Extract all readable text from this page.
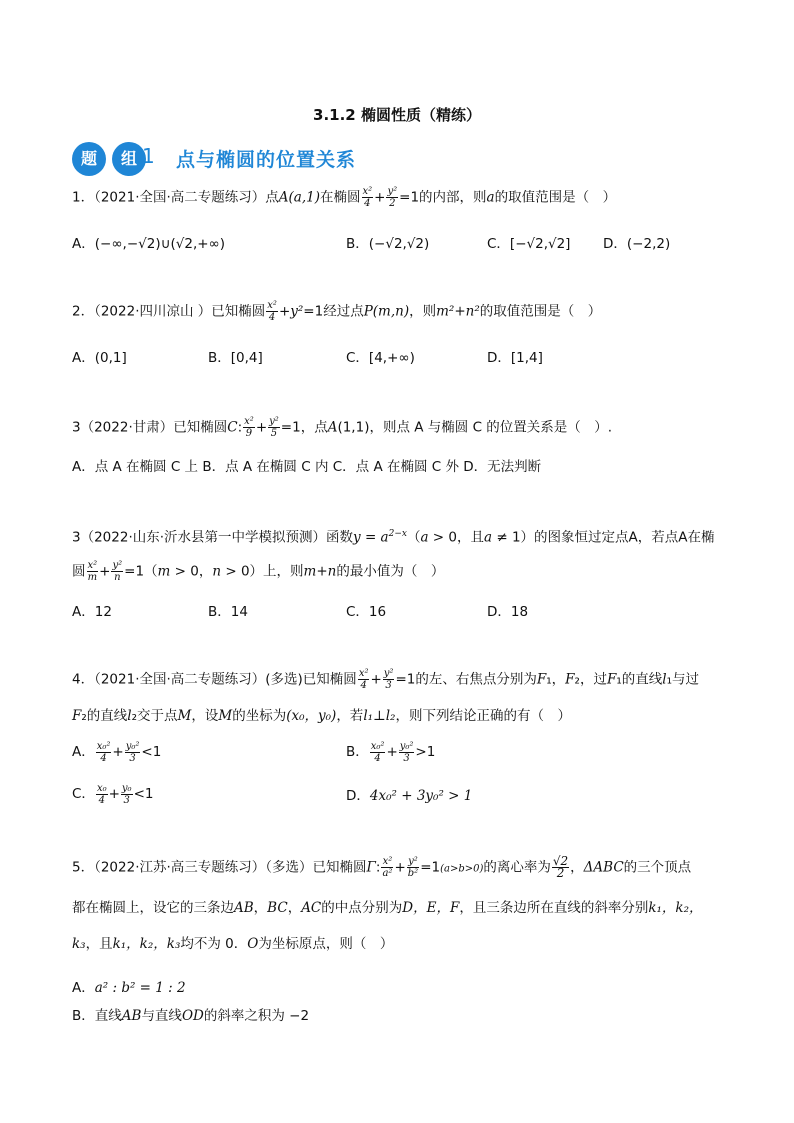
3.1.2 椭圆性质（精练）
题	组 1 点与椭圆的位置关系
1．（2021·全国·高二专题练习）点A(a,1)在椭圆 $\frac{\text{x²}}{4} + \frac{\text{y²}}{2} =1$的内部，则a的取值范围是（　）
A．(−∞,−√2)∪(√2,+∞)	B．(−√2,√2)	C．[−√2,√2] D．(−2,2)
2．（2022·四川凉山 ）已知椭圆 $\frac{\text{x²}}{4} +y^2=1$经过点P(m,n)，则m²+n²的取值范围是（　）
A．(0,1]	B．[0,4]	C．[4,+∞)	D．[1,4]
3（2022·甘肃）已知椭圆C: $\frac{\text{x²}}{9} + \frac{\text{y²}}{5} =1$，点A(1,1)，则点 A 与椭圆 C 的位置关系是（　）.
A．点 A 在椭圆 C 上 B．点 A 在椭圆 C 内 C．点 A 在椭圆 C 外 D．无法判断
3（2022·山东·沂水县第一中学模拟预测）函数$y = a^{2-x}(a > 0$，且a ≠ 1）的图象恒过定点A，若点A在椭
圆 $\frac{\text{x²}}{m} + \frac{\text{y²}}{n} =1(m > 0$，n > 0）上，则m+n的最小值为（　）
A．12	B．14	C．16	D．18
4．（2021·全国·高二专题练习）(多选)已知椭圆 $\frac{\text{x²}}{4} + \frac{\text{y²}}{3} =1$的左、右焦点分别为F₁，F₂，过F₁的直线l₁与过
F₂的直线l₂交于点M，设M的坐标为(x₀，y₀)，若l₁⊥l₂，则下列结论正确的有（　）
A． $\frac{\text{x₀²}}{4} + \frac{\text{y₀²}}{3} <1$	B． $\frac{\text{x₀²}}{4} + \frac{\text{y₀²}}{3} >1$
C． $\frac{\text{x₀}}{4} + \frac{\text{y₀}}{3} <1$	D．4x₀² + 3y₀² > 1
5．（2022·江苏·高三专题练习）（多选）已知椭圆Γ: $\frac{\text{x²}}{\text{a²}} + \frac{\text{y²}}{\text{b²}} =1(a>b>0)$的离心率为 $\frac{√2}{2}$ ，ΔABC的三个顶点
都在椭圆上，设它的三条边AB，BC，AC的中点分别为D，E，F，且三条边所在直线的斜率分别k₁，k₂，
k₃，且k₁，k₂，k₃均不为 0．O为坐标原点，则（　）
A．a² : b² = 1 : 2
B．直线AB与直线OD的斜率之积为 −2
